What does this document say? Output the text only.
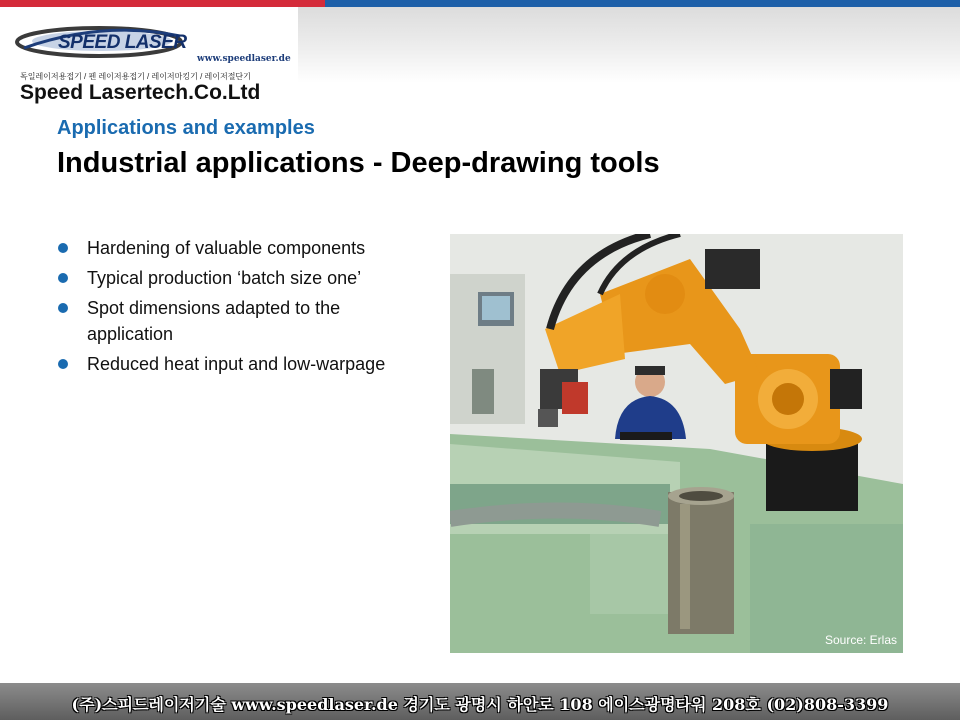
SPEED LASER
www.speedlaser.de
독일레이저용접기 / 펜 레이저용접기 / 레이저마킹기 / 레이저절단기
Speed Lasertech.Co.Ltd
Applications and examples
Industrial applications - Deep-drawing tools
Hardening of valuable components
Typical production ‘batch size one’
Spot dimensions adapted to the application
Reduced heat input and low-warpage
Source: Erlas
(주)스피드레이저기술 www.speedlaser.de 경기도 광명시 하안로 108 에이스광명타워 208호 (02)808-3399
